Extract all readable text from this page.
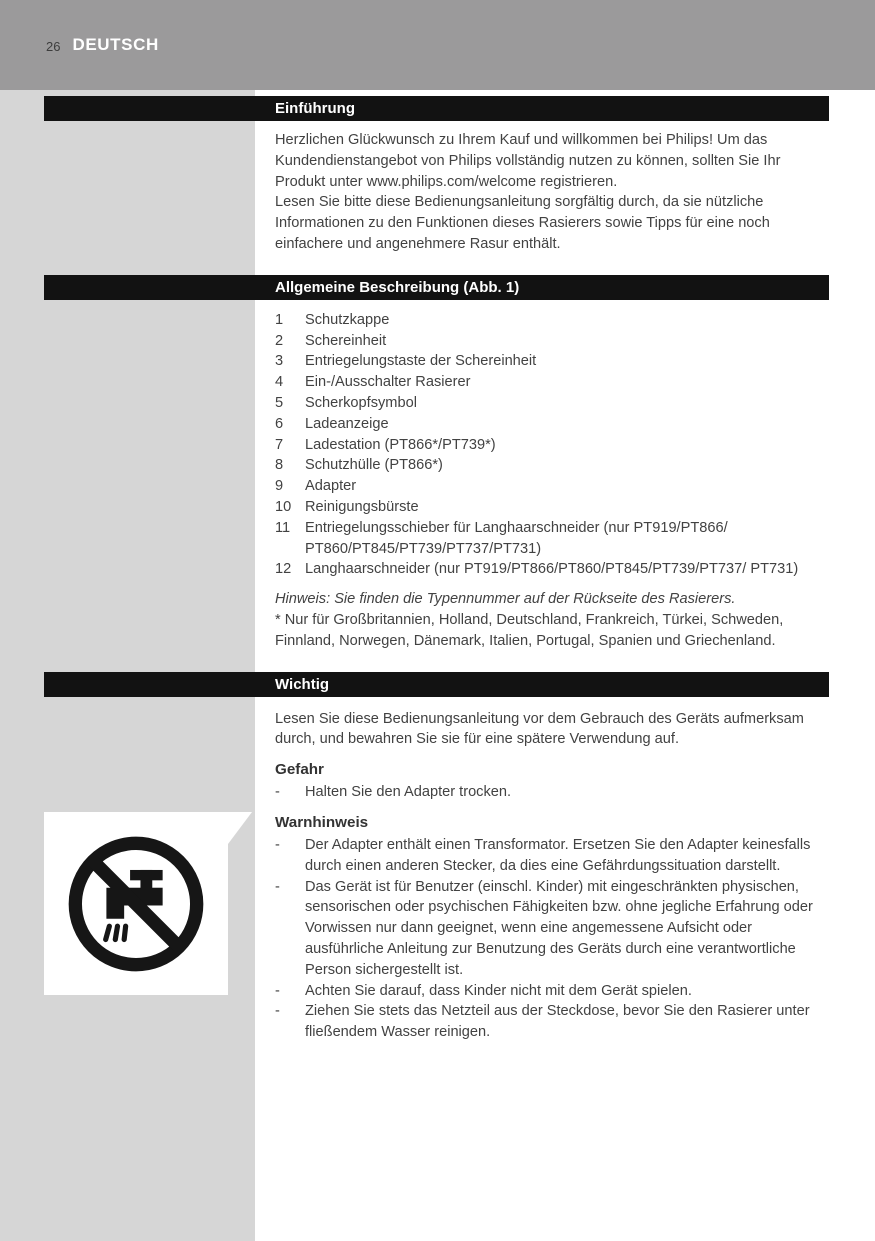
26 DEUTSCH
Einführung

Herzlichen Glückwunsch zu Ihrem Kauf und willkommen bei Philips! Um das Kundendienstangebot von Philips vollständig nutzen zu können, sollten Sie Ihr Produkt unter www.philips.com/welcome registrieren.

Lesen Sie bitte diese Bedienungsanleitung sorgfältig durch, da sie nützliche Informationen zu den Funktionen dieses Rasierers sowie Tipps für eine noch einfachere und angenehmere Rasur enthält.

Allgemeine Beschreibung (Abb. 1)
1	Schutzkappe
2	Schereinheit
3	Entriegelungstaste der Schereinheit
4	Ein-/Ausschalter Rasierer
5	Scherkopfsymbol
6	Ladeanzeige
7	Ladestation (PT866*/PT739*)
8	Schutzhülle (PT866*)
9	Adapter
10 Reinigungsbürste
11	Entriegelungsschieber für Langhaarschneider (nur PT919/PT866/ PT860/PT845/PT739/PT737/PT731)
12 Langhaarschneider (nur PT919/PT866/PT860/PT845/PT739/PT737/ PT731)

Hinweis: Sie finden die Typennummer auf der Rückseite des Rasierers.

* Nur für Großbritannien, Holland, Deutschland, Frankreich, Türkei, Schweden, Finnland, Norwegen, Dänemark, Italien, Portugal, Spanien und Griechenland.

Wichtig

Lesen Sie diese Bedienungsanleitung vor dem Gebrauch des Geräts aufmerksam durch, und bewahren Sie sie für eine spätere Verwendung auf.

Gefahr
- Halten Sie den Adapter trocken.
Warnhinweis
- Der Adapter enthält einen Transformator. Ersetzen Sie den Adapter keinesfalls durch einen anderen Stecker, da dies eine Gefährdungssituation darstellt.
- Das Gerät ist für Benutzer (einschl. Kinder) mit eingeschränkten physischen, sensorischen oder psychischen Fähigkeiten bzw. ohne jegliche Erfahrung oder Vorwissen nur dann geeignet, wenn eine angemessene Aufsicht oder ausführliche Anleitung zur Benutzung des Geräts durch eine verantwortliche Person sichergestellt ist.
- Achten Sie darauf, dass Kinder nicht mit dem Gerät spielen.
- Ziehen Sie stets das Netzteil aus der Steckdose, bevor Sie den Rasierer unter fließendem Wasser reinigen.
